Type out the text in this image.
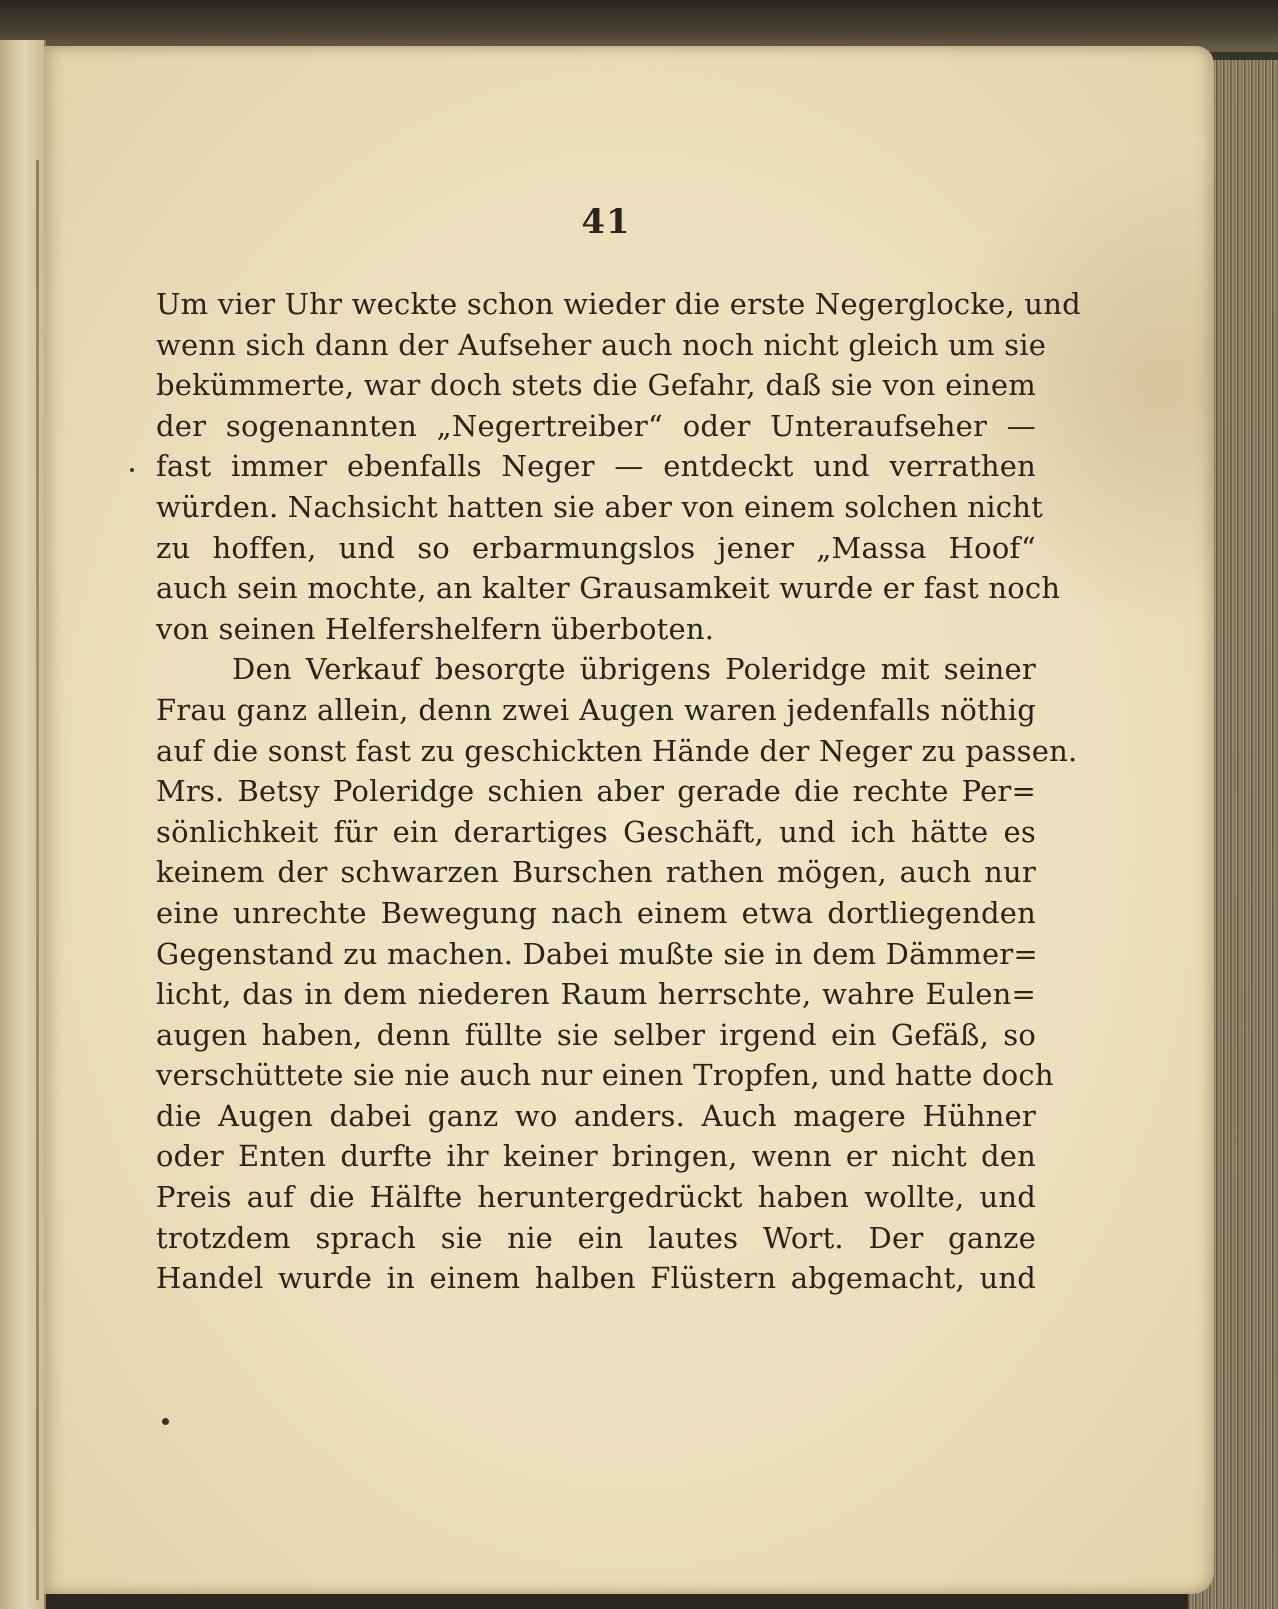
41
Um vier Uhr weckte schon wieder die erste Negerglocke, und
wenn sich dann der Aufseher auch noch nicht gleich um sie
bekümmerte, war doch stets die Gefahr, daß sie von einem
der sogenannten „Negertreiber“ oder Unteraufseher —
fast immer ebenfalls Neger — entdeckt und verrathen
würden. Nachsicht hatten sie aber von einem solchen nicht
zu hoffen, und so erbarmungslos jener „Massa Hoof“
auch sein mochte, an kalter Grausamkeit wurde er fast noch
von seinen Helfershelfern überboten.
Den Verkauf besorgte übrigens Poleridge mit seiner
Frau ganz allein, denn zwei Augen waren jedenfalls nöthig
auf die sonst fast zu geschickten Hände der Neger zu passen.
Mrs. Betsy Poleridge schien aber gerade die rechte Per=
sönlichkeit für ein derartiges Geschäft, und ich hätte es
keinem der schwarzen Burschen rathen mögen, auch nur
eine unrechte Bewegung nach einem etwa dortliegenden
Gegenstand zu machen. Dabei mußte sie in dem Dämmer=
licht, das in dem niederen Raum herrschte, wahre Eulen=
augen haben, denn füllte sie selber irgend ein Gefäß, so
verschüttete sie nie auch nur einen Tropfen, und hatte doch
die Augen dabei ganz wo anders. Auch magere Hühner
oder Enten durfte ihr keiner bringen, wenn er nicht den
Preis auf die Hälfte heruntergedrückt haben wollte, und
trotzdem sprach sie nie ein lautes Wort. Der ganze
Handel wurde in einem halben Flüstern abgemacht, und
